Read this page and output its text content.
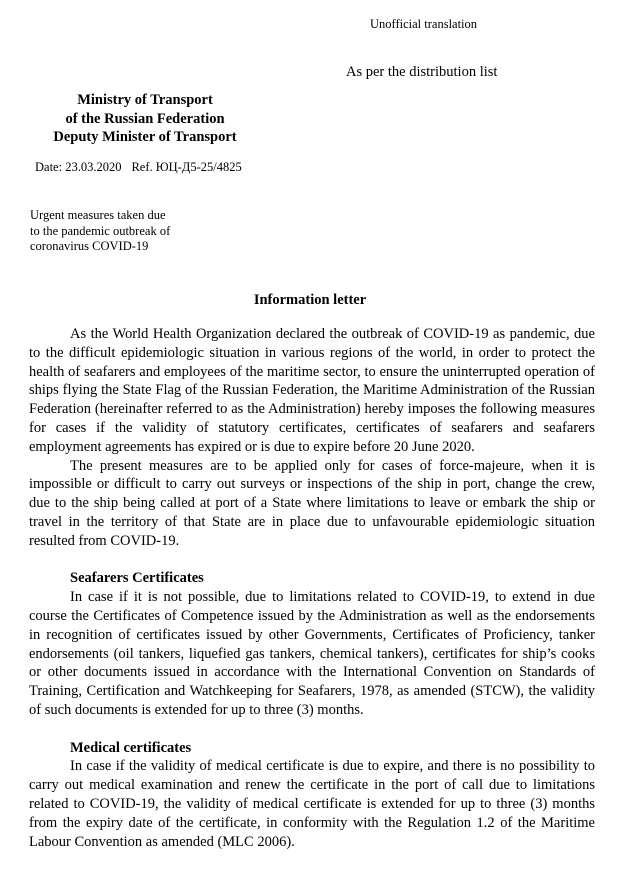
Unofficial translation
As per the distribution list
Ministry of Transport
of the Russian Federation
Deputy Minister of Transport
Date: 23.03.2020 Ref. ЮЦ-Д5-25/4825
Urgent measures taken due
to the pandemic outbreak of
coronavirus COVID-19
Information letter

As the World Health Organization declared the outbreak of COVID-19 as pandemic, due to the difficult epidemiologic situation in various regions of the world, in order to protect the health of seafarers and employees of the maritime sector, to ensure the uninterrupted operation of ships flying the State Flag of the Russian Federation, the Maritime Administration of the Russian Federation (hereinafter referred to as the Administration) hereby imposes the following measures for cases if the validity of statutory certificates, certificates of seafarers and seafarers employment agreements has expired or is due to expire before 20 June 2020.

The present measures are to be applied only for cases of force-majeure, when it is impossible or difficult to carry out surveys or inspections of the ship in port, change the crew, due to the ship being called at port of a State where limitations to leave or embark the ship or travel in the territory of that State are in place due to unfavourable epidemiologic situation resulted from COVID-19.

Seafarers Certificates

In case if it is not possible, due to limitations related to COVID-19, to extend in due course the Certificates of Competence issued by the Administration as well as the endorsements in recognition of certificates issued by other Governments, Certificates of Proficiency, tanker endorsements (oil tankers, liquefied gas tankers, chemical tankers), certificates for ship’s cooks or other documents issued in accordance with the International Convention on Standards of Training, Certification and Watchkeeping for Seafarers, 1978, as amended (STCW), the validity of such documents is extended for up to three (3) months.

Medical certificates

In case if the validity of medical certificate is due to expire, and there is no possibility to carry out medical examination and renew the certificate in the port of call due to limitations related to COVID-19, the validity of medical certificate is extended for up to three (3) months from the expiry date of the certificate, in conformity with the Regulation 1.2 of the Maritime Labour Convention as amended (MLC 2006).
